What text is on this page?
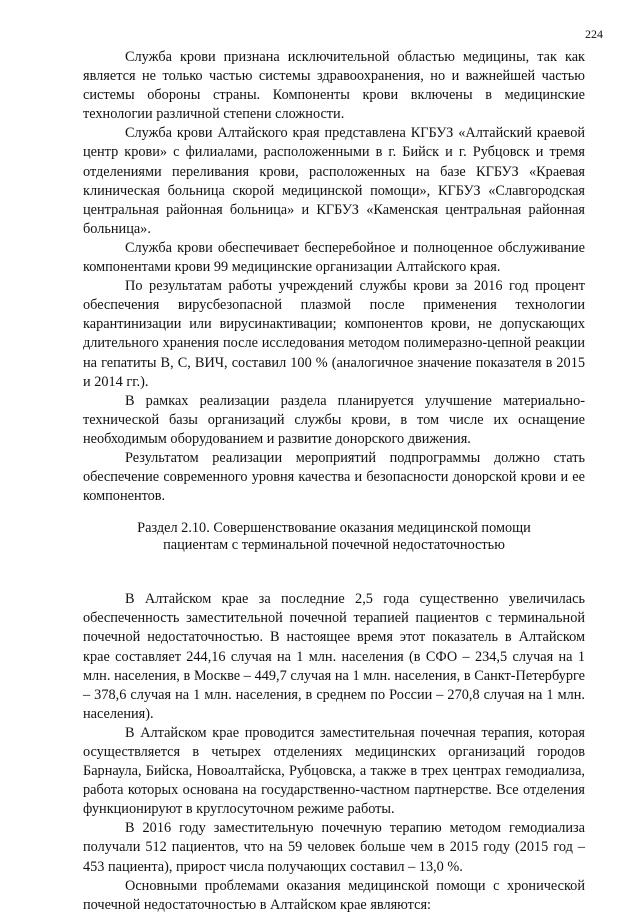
224

Служба крови признана исключительной областью медицины, так как является не только частью системы здравоохранения, но и важнейшей частью системы обороны страны. Компоненты крови включены в медицинские технологии различной степени сложности.

Служба крови Алтайского края представлена КГБУЗ «Алтайский краевой центр крови» с филиалами, расположенными в г. Бийск и г. Рубцовск и тремя отделениями переливания крови, расположенных на базе КГБУЗ «Краевая клиническая больница скорой медицинской помощи», КГБУЗ «Славгородская центральная районная больница» и КГБУЗ «Каменская центральная районная больница».

Служба крови обеспечивает бесперебойное и полноценное обслуживание компонентами крови 99 медицинские организации Алтайского края.

По результатам работы учреждений службы крови за 2016 год процент обеспечения вирусбезопасной плазмой после применения технологии карантинизации или вирусинактивации; компонентов крови, не допускающих длительного хранения после исследования методом полимеразно-цепной реакции на гепатиты В, С, ВИЧ, составил 100 % (аналогичное значение показателя в 2015 и 2014 гг.).

В рамках реализации раздела планируется улучшение материально-технической базы организаций службы крови, в том числе их оснащение необходимым оборудованием и развитие донорского движения.

Результатом реализации мероприятий подпрограммы должно стать обеспечение современного уровня качества и безопасности донорской крови и ее компонентов.

Раздел 2.10. Совершенствование оказания медицинской помощи пациентам с терминальной почечной недостаточностью

В Алтайском крае за последние 2,5 года существенно увеличилась обеспеченность заместительной почечной терапией пациентов с терминальной почечной недостаточностью. В настоящее время этот показатель в Алтайском крае составляет 244,16 случая на 1 млн. населения (в СФО – 234,5 случая на 1 млн. населения, в Москве – 449,7 случая на 1 млн. населения, в Санкт-Петербурге – 378,6 случая на 1 млн. населения, в среднем по России – 270,8 случая на 1 млн. населения).

В Алтайском крае проводится заместительная почечная терапия, которая осуществляется в четырех отделениях медицинских организаций городов Барнаула, Бийска, Новоалтайска, Рубцовска, а также в трех центрах гемодиализа, работа которых основана на государственно-частном партнерстве. Все отделения функционируют в круглосуточном режиме работы.

В 2016 году заместительную почечную терапию методом гемодиализа получали 512 пациентов, что на 59 человек больше чем в 2015 году (2015 год – 453 пациента), прирост числа получающих составил – 13,0 %.

Основными проблемами оказания медицинской помощи с хронической почечной недостаточностью в Алтайском крае являются:
